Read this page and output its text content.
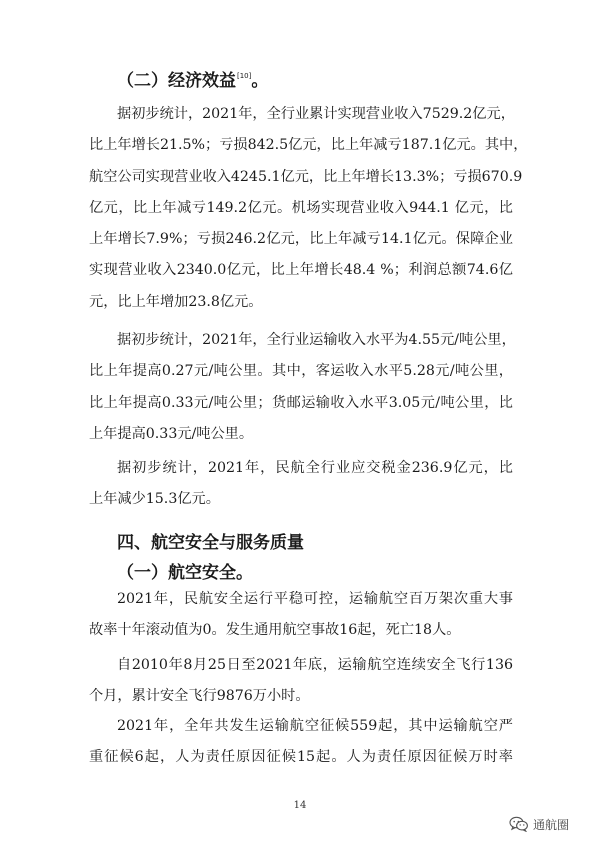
（二）经济效益[10]。
据初步统计，2021年，全行业累计实现营业收入7529.2亿元，
比上年增长21.5%；亏损842.5亿元，比上年减亏187.1亿元。其中，
航空公司实现营业收入4245.1亿元，比上年增长13.3%；亏损670.9
亿元，比上年减亏149.2亿元。机场实现营业收入944.1 亿元，比
上年增长7.9%；亏损246.2亿元，比上年减亏14.1亿元。保障企业
实现营业收入2340.0亿元，比上年增长48.4 %；利润总额74.6亿
元，比上年增加23.8亿元。
据初步统计，2021年，全行业运输收入水平为4.55元/吨公里，
比上年提高0.27元/吨公里。其中，客运收入水平5.28元/吨公里，
比上年提高0.33元/吨公里；货邮运输收入水平3.05元/吨公里，比
上年提高0.33元/吨公里。
据初步统计，2021年，民航全行业应交税金236.9亿元，比
上年减少15.3亿元。
四、航空安全与服务质量
（一）航空安全。
2021年，民航安全运行平稳可控，运输航空百万架次重大事
故率十年滚动值为0。发生通用航空事故16起，死亡18人。
自2010年8月25日至2021年底，运输航空连续安全飞行136
个月，累计安全飞行9876万小时。
2021年，全年共发生运输航空征候559起，其中运输航空严
重征候6起，人为责任原因征候15起。人为责任原因征候万时率
14
通航圈
